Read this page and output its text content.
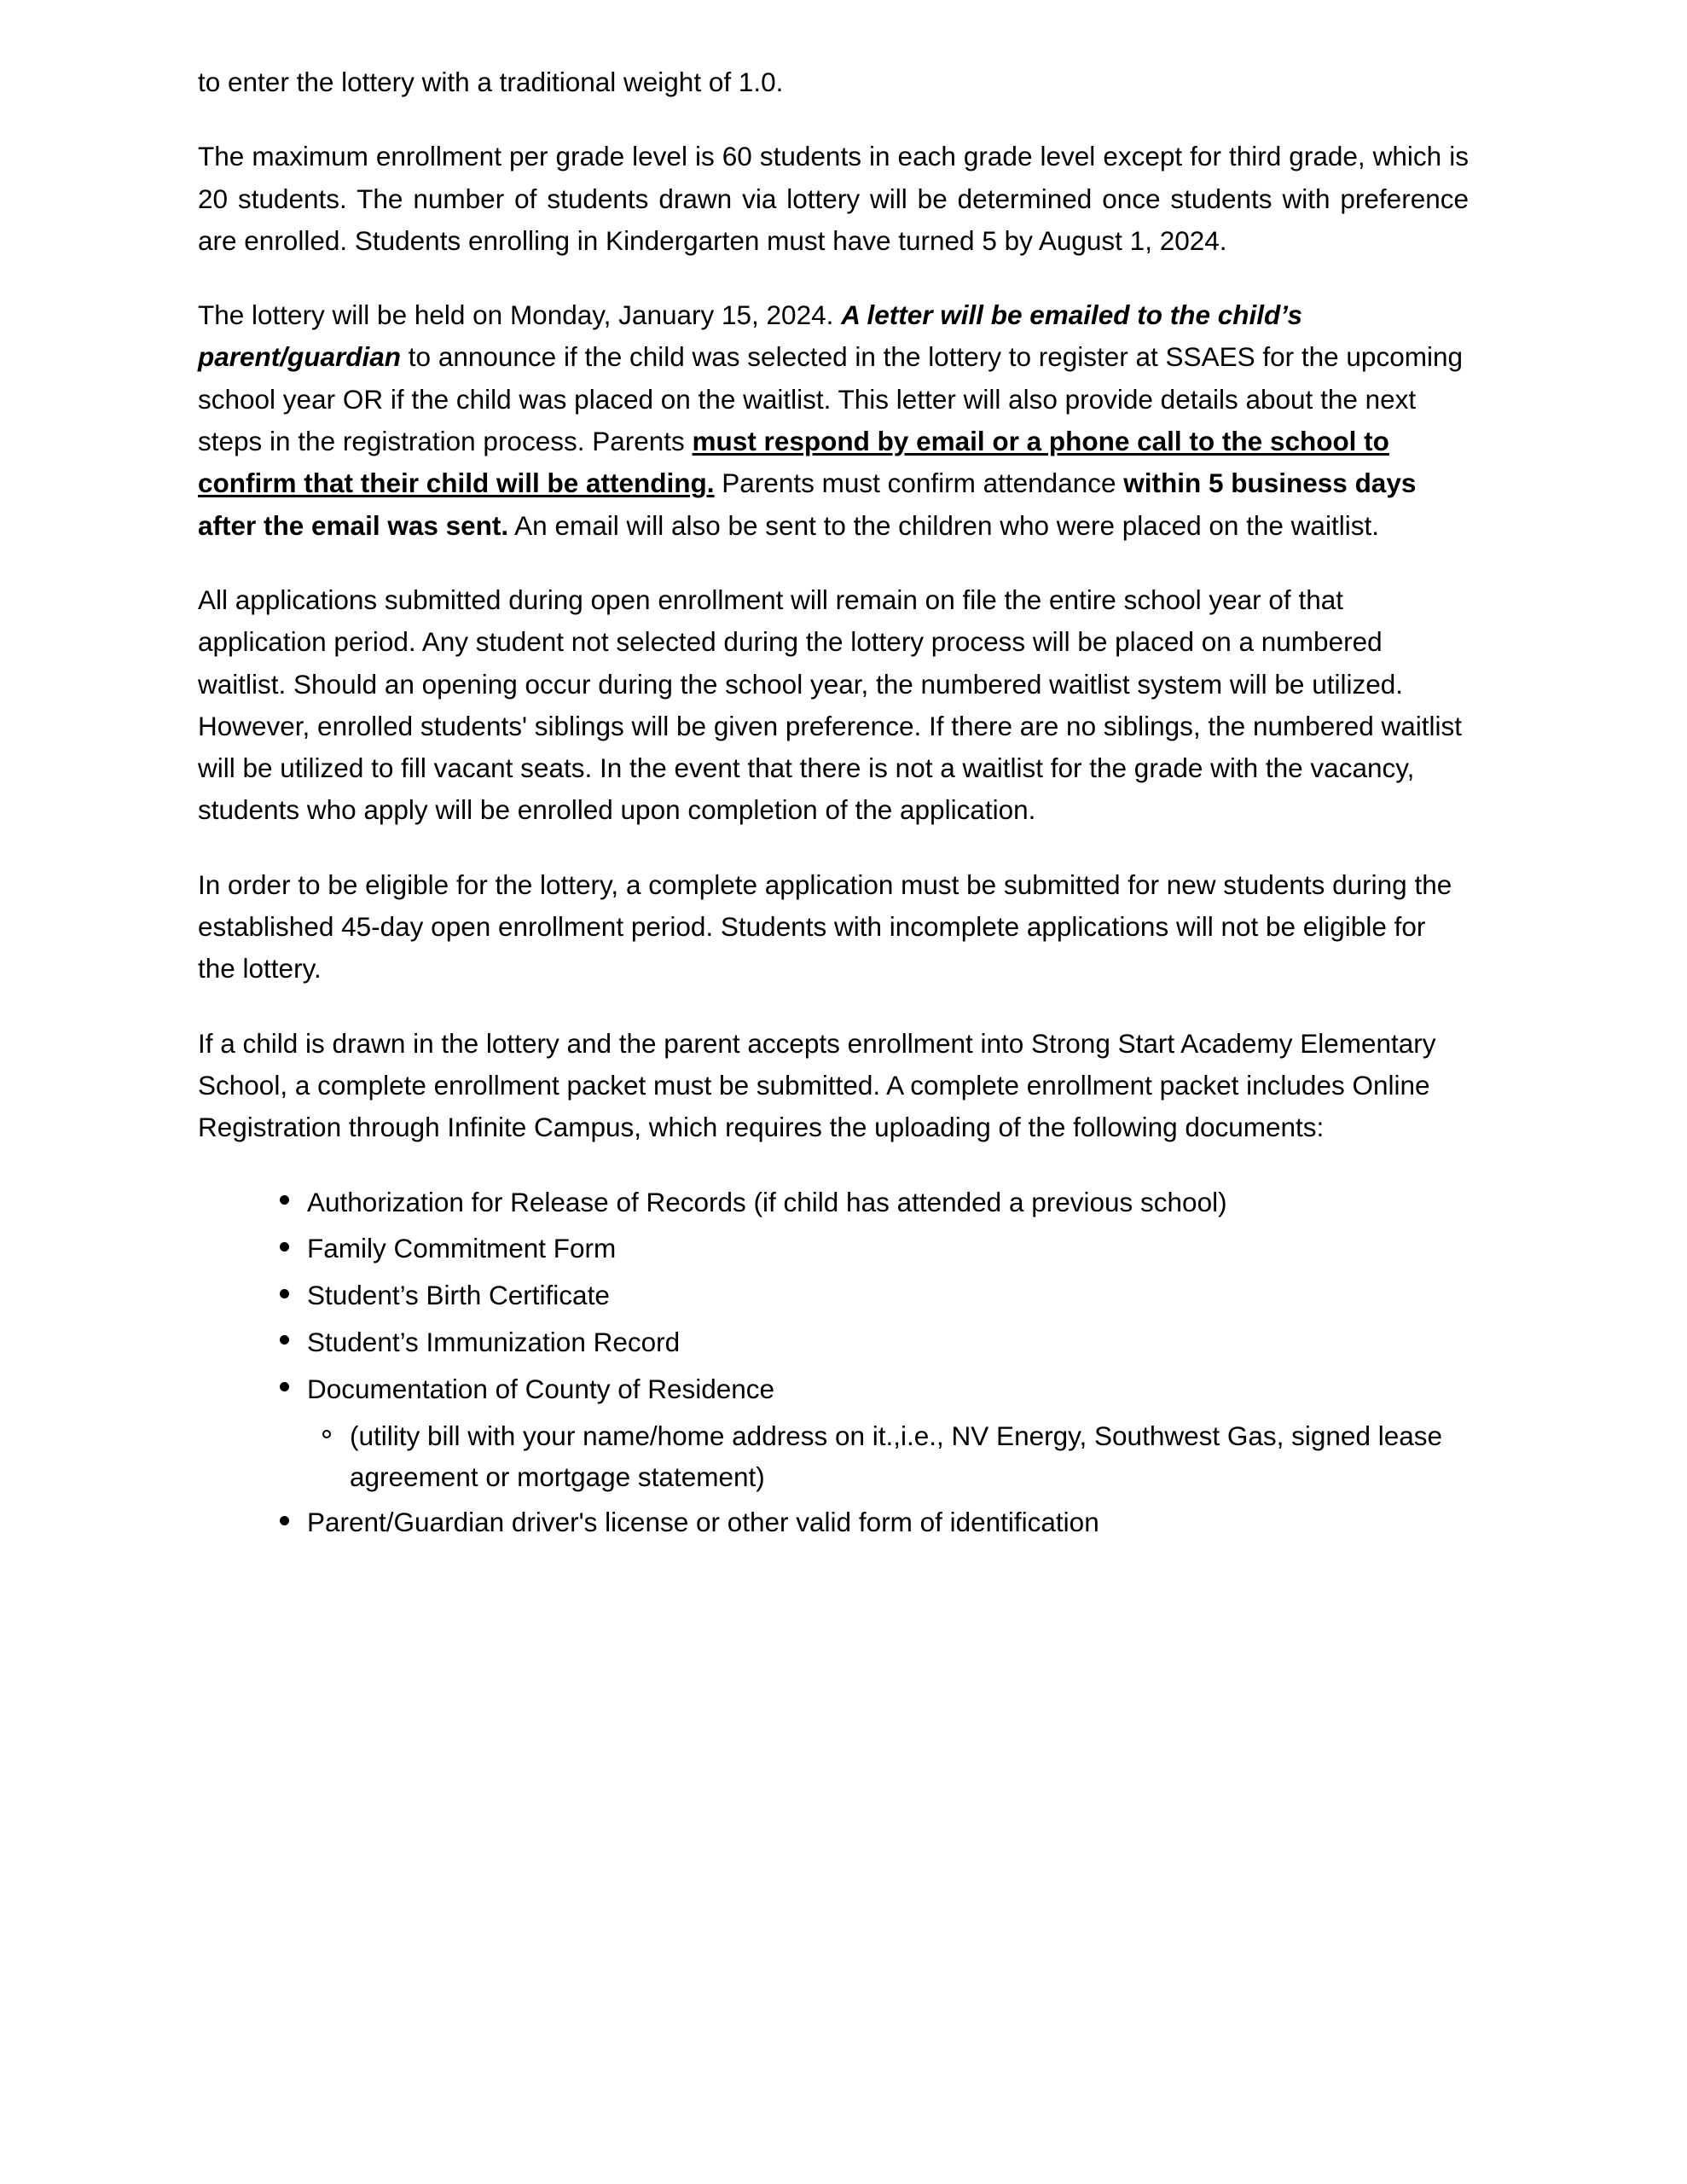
to enter the lottery with a traditional weight of 1.0.

The maximum enrollment per grade level is 60 students in each grade level except for third grade, which is 20 students. The number of students drawn via lottery will be determined once students with preference are enrolled. Students enrolling in Kindergarten must have turned 5 by August 1, 2024.

The lottery will be held on Monday, January 15, 2024. A letter will be emailed to the child’s parent/guardian to announce if the child was selected in the lottery to register at SSAES for the upcoming school year OR if the child was placed on the waitlist. This letter will also provide details about the next steps in the registration process. Parents must respond by email or a phone call to the school to confirm that their child will be attending. Parents must confirm attendance within 5 business days after the email was sent. An email will also be sent to the children who were placed on the waitlist.

All applications submitted during open enrollment will remain on file the entire school year of that application period. Any student not selected during the lottery process will be placed on a numbered waitlist. Should an opening occur during the school year, the numbered waitlist system will be utilized. However, enrolled students' siblings will be given preference. If there are no siblings, the numbered waitlist will be utilized to fill vacant seats. In the event that there is not a waitlist for the grade with the vacancy, students who apply will be enrolled upon completion of the application.

In order to be eligible for the lottery, a complete application must be submitted for new students during the established 45-day open enrollment period. Students with incomplete applications will not be eligible for the lottery.

If a child is drawn in the lottery and the parent accepts enrollment into Strong Start Academy Elementary School, a complete enrollment packet must be submitted. A complete enrollment packet includes Online Registration through Infinite Campus, which requires the uploading of the following documents:

Authorization for Release of Records (if child has attended a previous school)
Family Commitment Form
Student’s Birth Certificate
Student’s Immunization Record
Documentation of County of Residence
(utility bill with your name/home address on it.,i.e., NV Energy, Southwest Gas, signed lease agreement or mortgage statement)
Parent/Guardian driver's license or other valid form of identification
